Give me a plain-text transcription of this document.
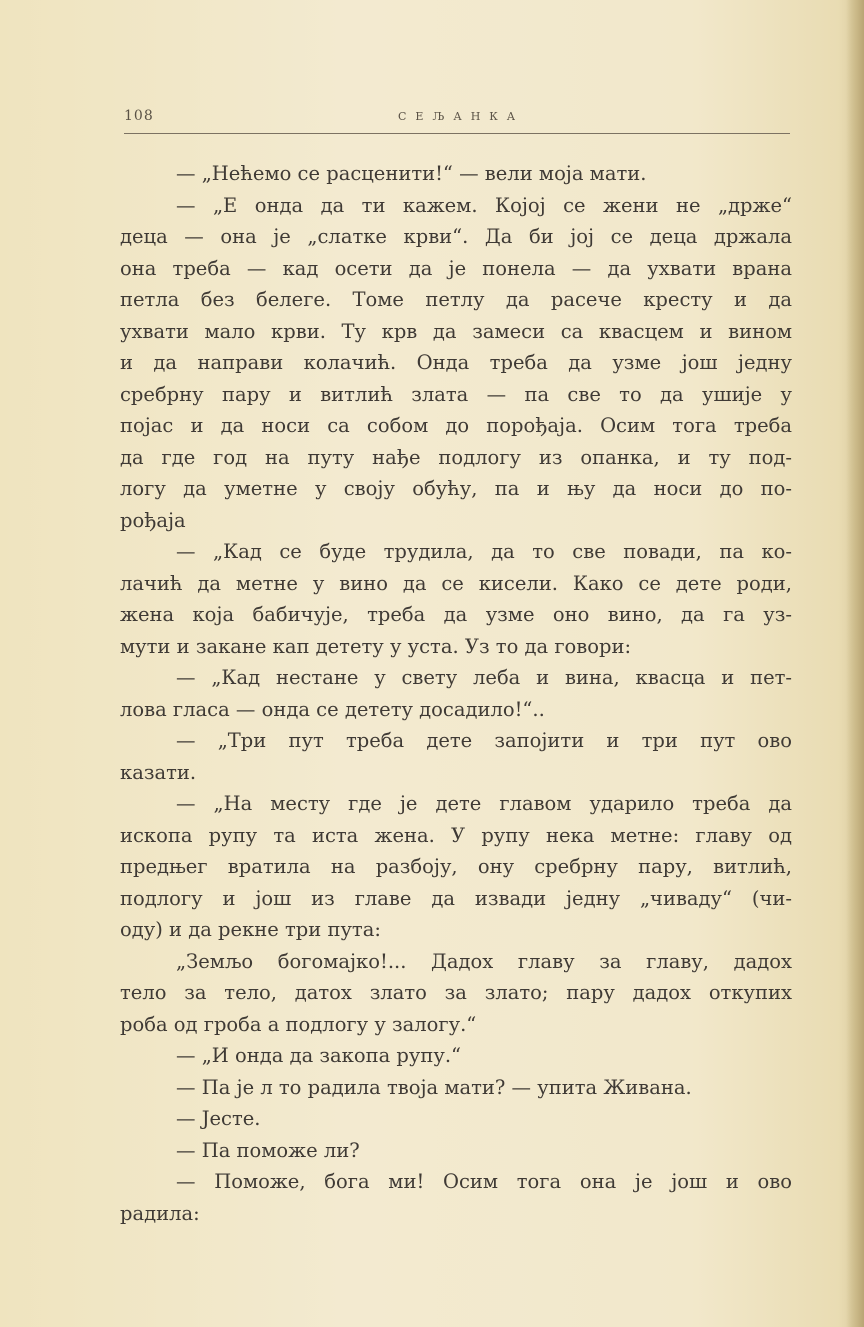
108	СЕЉАНКА
— „Нећемо се расценити!“ — вели моја мати.
— „Е онда да ти кажем. Којој се жени не „држе“
деца — она је „слатке крви“. Да би јој се деца држала
она треба — кад осети да је понела — да ухвати врана
петла без белеге. Томе петлу да расече кресту и да
ухвати мало крви. Ту крв да замеси са квасцем и вином
и да направи колачић. Онда треба да узме још једну
сребрну пару и витлић злата — па све то да ушије у
појас и да носи са собом до порођаја. Осим тога треба
да где год на путу нађе подлогу из опанка, и ту под-
логу да уметне у своју обућу, па и њу да носи до по-
рођаја
— „Кад се буде трудила, да то све повади, па ко-
лачић да метне у вино да се кисели. Како се дете роди,
жена која бабичује, треба да узме оно вино, да га уз-
мути и закане кап детету у уста. Уз то да говори:
— „Кад нестане у свету леба и вина, квасца и пет-
лова гласа — онда се детету досадило!“..
— „Три пут треба дете запојити и три пут ово
казати.
— „На месту где је дете главом ударило треба да
ископа рупу та иста жена. У рупу нека метне: главу од
предњег вратила на разбоју, ону сребрну пару, витлић,
подлогу и још из главе да извади једну „чиваду“ (чи-
оду) и да рекне три пута:
„Земљо богомајко!... Дадох главу за главу, дадох
тело за тело, датох злато за злато; пару дадох откупих
роба од гроба а подлогу у залогу.“
— „И онда да закопа рупу.“
— Па је л то радила твоја мати? — упита Живана.
— Јесте.
— Па поможе ли?
— Поможе, бога ми! Осим тога она је још и ово
радила:
